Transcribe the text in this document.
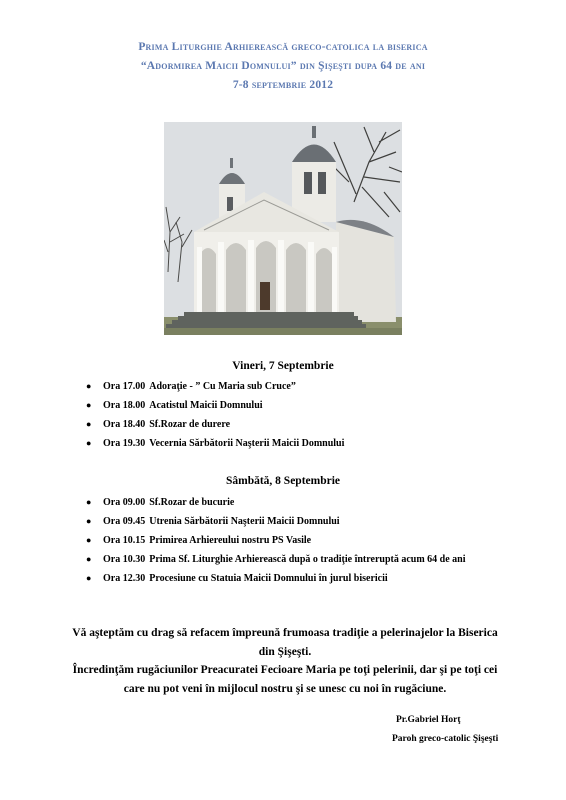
Prima Liturghie Arhierească greco-catolica la biserica
“Adormirea Maicii Domnului” din Şişeşti dupa 64 de ani
7-8 septembrie 2012
Vineri, 7 Septembrie
● Ora 17.00 Adoraţie - ” Cu Maria sub Cruce”
● Ora 18.00 Acatistul Maicii Domnului
● Ora 18.40 Sf.Rozar de durere
● Ora 19.30 Vecernia Sărbătorii Naşterii Maicii Domnului
Sâmbătă, 8 Septembrie
● Ora 09.00 Sf.Rozar de bucurie
● Ora 09.45 Utrenia Sărbătorii Naşterii Maicii Domnului
● Ora 10.15 Primirea Arhiereului nostru PS Vasile
● Ora 10.30 Prima Sf. Liturghie Arhierească după o tradiţie întreruptă acum 64 de ani
● Ora 12.30 Procesiune cu Statuia Maicii Domnului în jurul bisericii
Vă aşteptăm cu drag să refacem împreună frumoasa tradiţie a pelerinajelor la Biserica
din Şişeşti.
Încredinţăm rugăciunilor Preacuratei Fecioare Maria pe toţi pelerinii, dar şi pe toţi cei
care nu pot veni în mijlocul nostru şi se unesc cu noi în rugăciune.
Pr.Gabriel Horţ
Paroh greco-catolic Şişeşti
